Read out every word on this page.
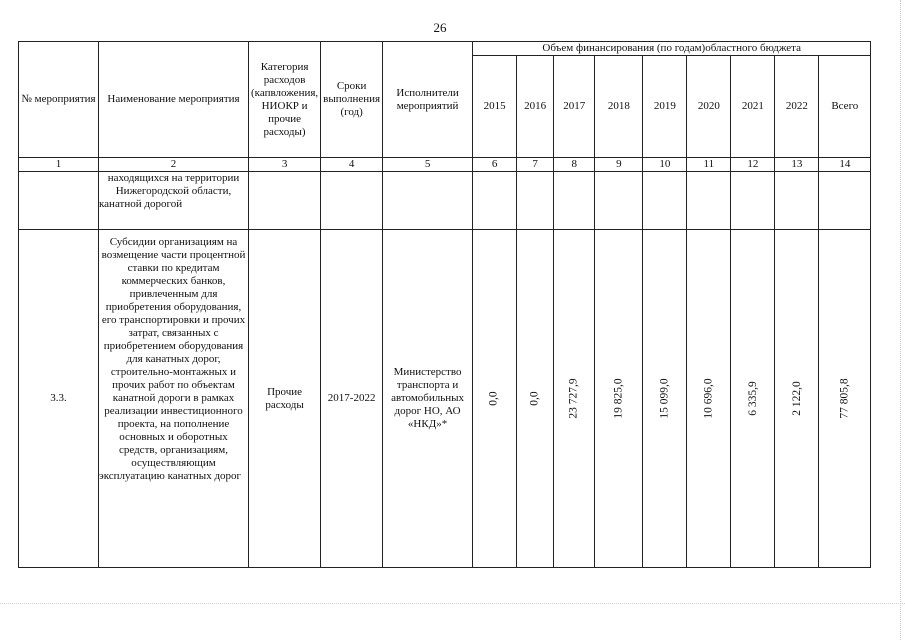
26
№ мероприятия	Наименование мероприятия	Категория расходов (капвложения, НИОКР и прочие расходы)	Сроки выполнения (год)	Исполнители мероприятий	Объем финансирования (по годам)областного бюджета								
					2015	2016	2017	2018	2019	2020	2021	2022	Всего
1	2	3	4	5	6	7	8	9	10	11	12	13	14
	находящихся на территории Нижегородской области, канатной дорогой												
3.3.	Субсидии организациям на возмещение части процентной ставки по кредитам коммерческих банков, привлеченным для приобретения оборудования, его транспортировки и прочих затрат, связанных с приобретением оборудования для канатных дорог, строительно-монтажных и прочих работ по объектам канатной дороги в рамках реализации инвестиционного проекта, на пополнение основных и оборотных средств, организациям, осуществляющим эксплуатацию канатных дорог	Прочие расходы	2017-2022	Министерство транспорта и автомобильных дорог НО, АО «НКД»*	0,0	0,0	23 727,9	19 825,0	15 099,0	10 696,0	6 335,9	2 122,0	77 805,8
